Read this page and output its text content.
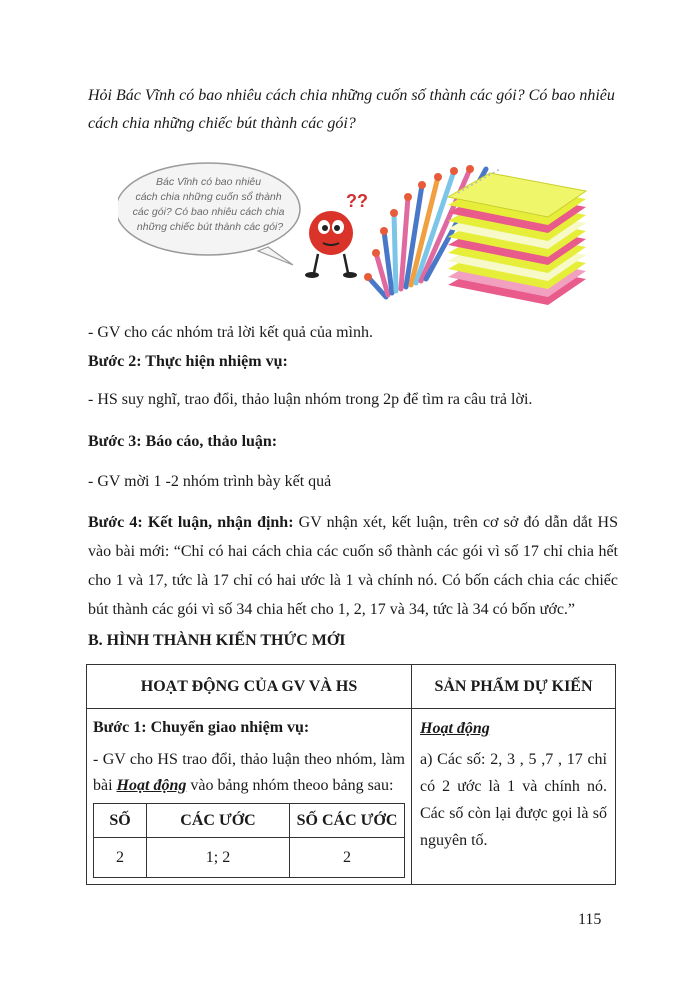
Hỏi Bác Vĩnh có bao nhiêu cách chia những cuốn số thành các gói? Có bao nhiêu
cách chia những chiếc bút thành các gói?
Bác Vĩnh có bao nhiêu cách chia những cuốn sổ thành các gói? Có bao nhiêu cách chia những chiếc bút thành các gói?
??
- GV cho các nhóm trả lời kết quả của mình.
Bước 2: Thực hiện nhiệm vụ:
- HS suy nghĩ, trao đổi, thảo luận nhóm trong 2p để tìm ra câu trả lời.
Bước 3: Báo cáo, thảo luận:
- GV mời 1 -2 nhóm trình bày kết quả
Bước 4: Kết luận, nhận định: GV nhận xét, kết luận, trên cơ sở đó dẫn dắt HS vào bài mới: “Chỉ có hai cách chia các cuốn sổ thành các gói vì số 17 chỉ chia hết cho 1 và 17, tức là 17 chỉ có hai ước là 1 và chính nó. Có bốn cách chia các chiếc bút thành các gói vì số 34 chia hết cho 1, 2, 17 và 34, tức là 34 có bốn ước.”
B. HÌNH THÀNH KIẾN THỨC MỚI
HOẠT ĐỘNG CỦA GV VÀ HS	SẢN PHẨM DỰ KIẾN

Bước 1: Chuyển giao nhiệm vụ:
- GV cho HS trao đổi, thảo luận theo nhóm, làm bài Hoạt động vào bảng nhóm theoo bảng sau:
SỐ	CÁC ƯỚC	SỐ CÁC ƯỚC
2	1; 2	2

Hoạt động
a) Các số: 2, 3 , 5 ,7 , 17 chỉ có 2 ước là 1 và chính nó. Các số còn lại được gọi là số nguyên tố.
115
